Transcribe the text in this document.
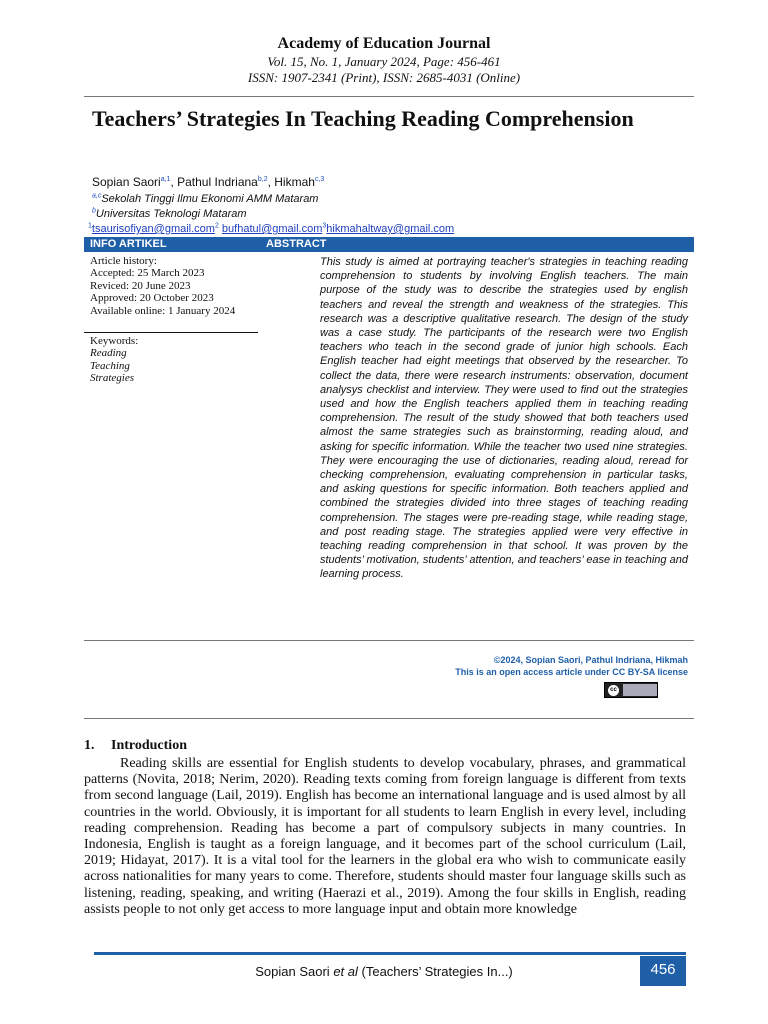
Academy of Education Journal
Vol. 15, No. 1, January 2024, Page: 456-461
ISSN: 1907-2341 (Print), ISSN: 2685-4031 (Online)
Teachers’ Strategies In Teaching Reading Comprehension
Sopian Saori$^{a,1}$, Pathul Indriana$^{b,2}$, Hikmah$^{c,3}$
$^{a,c}$Sekolah Tinggi Ilmu Ekonomi AMM Mataram
$^b$Universitas Teknologi Mataram
$^1$tsaurisofiyan@gmail.com$^2$ bufhatul@gmail.com$^3$hikmahaltway@gmail.com
INFO ARTIKEL	ABSTRACT
Article history:
Accepted: 25 March 2023
Reviced: 20 June 2023
Approved: 20 October 2023
Available online: 1 January 2024
Keywords:
Reading
Teaching
Strategies
This study is aimed at portraying teacher's strategies in teaching reading comprehension to students by involving English teachers. The main purpose of the study was to describe the strategies used by english teachers and reveal the strength and weakness of the strategies. This research was a descriptive qualitative research. The design of the study was a case study. The participants of the research were two English teachers who teach in the second grade of junior high schools. Each English teacher had eight meetings that observed by the researcher. To collect the data, there were research instruments: observation, document analysys checklist and interview. They were used to find out the strategies used and how the English teachers applied them in teaching reading comprehension. The result of the study showed that both teachers used almost the same strategies such as brainstorming, reading aloud, and asking for specific information. While the teacher two used nine strategies. They were encouraging the use of dictionaries, reading aloud, reread for checking comprehension, evaluating comprehension in particular tasks, and asking questions for specific information. Both teachers applied and combined the strategies divided into three stages of teaching reading comprehension. The stages were pre-reading stage, while reading stage, and post reading stage. The strategies applied were very effective in teaching reading comprehension in that school. It was proven by the students’ motivation, students’ attention, and teachers’ ease in teaching and learning process.
©2024, Sopian Saori, Pathul Indriana, Hikmah
This is an open access article under CC BY-SA license
cc
1. Introduction
Reading skills are essential for English students to develop vocabulary, phrases, and grammatical patterns (Novita, 2018; Nerim, 2020). Reading texts coming from foreign language is different from texts from second language (Lail, 2019). English has become an international language and is used almost by all countries in the world. Obviously, it is important for all students to learn English in every level, including reading comprehension. Reading has become a part of compulsory subjects in many countries. In Indonesia, English is taught as a foreign language, and it becomes part of the school curriculum (Lail, 2019; Hidayat, 2017). It is a vital tool for the learners in the global era who wish to communicate easily across nationalities for many years to come. Therefore, students should master four language skills such as listening, reading, speaking, and writing (Haerazi et al., 2019). Among the four skills in English, reading assists people to not only get access to more language input and obtain more knowledge
Sopian Saori et al (Teachers’ Strategies In...)	456
